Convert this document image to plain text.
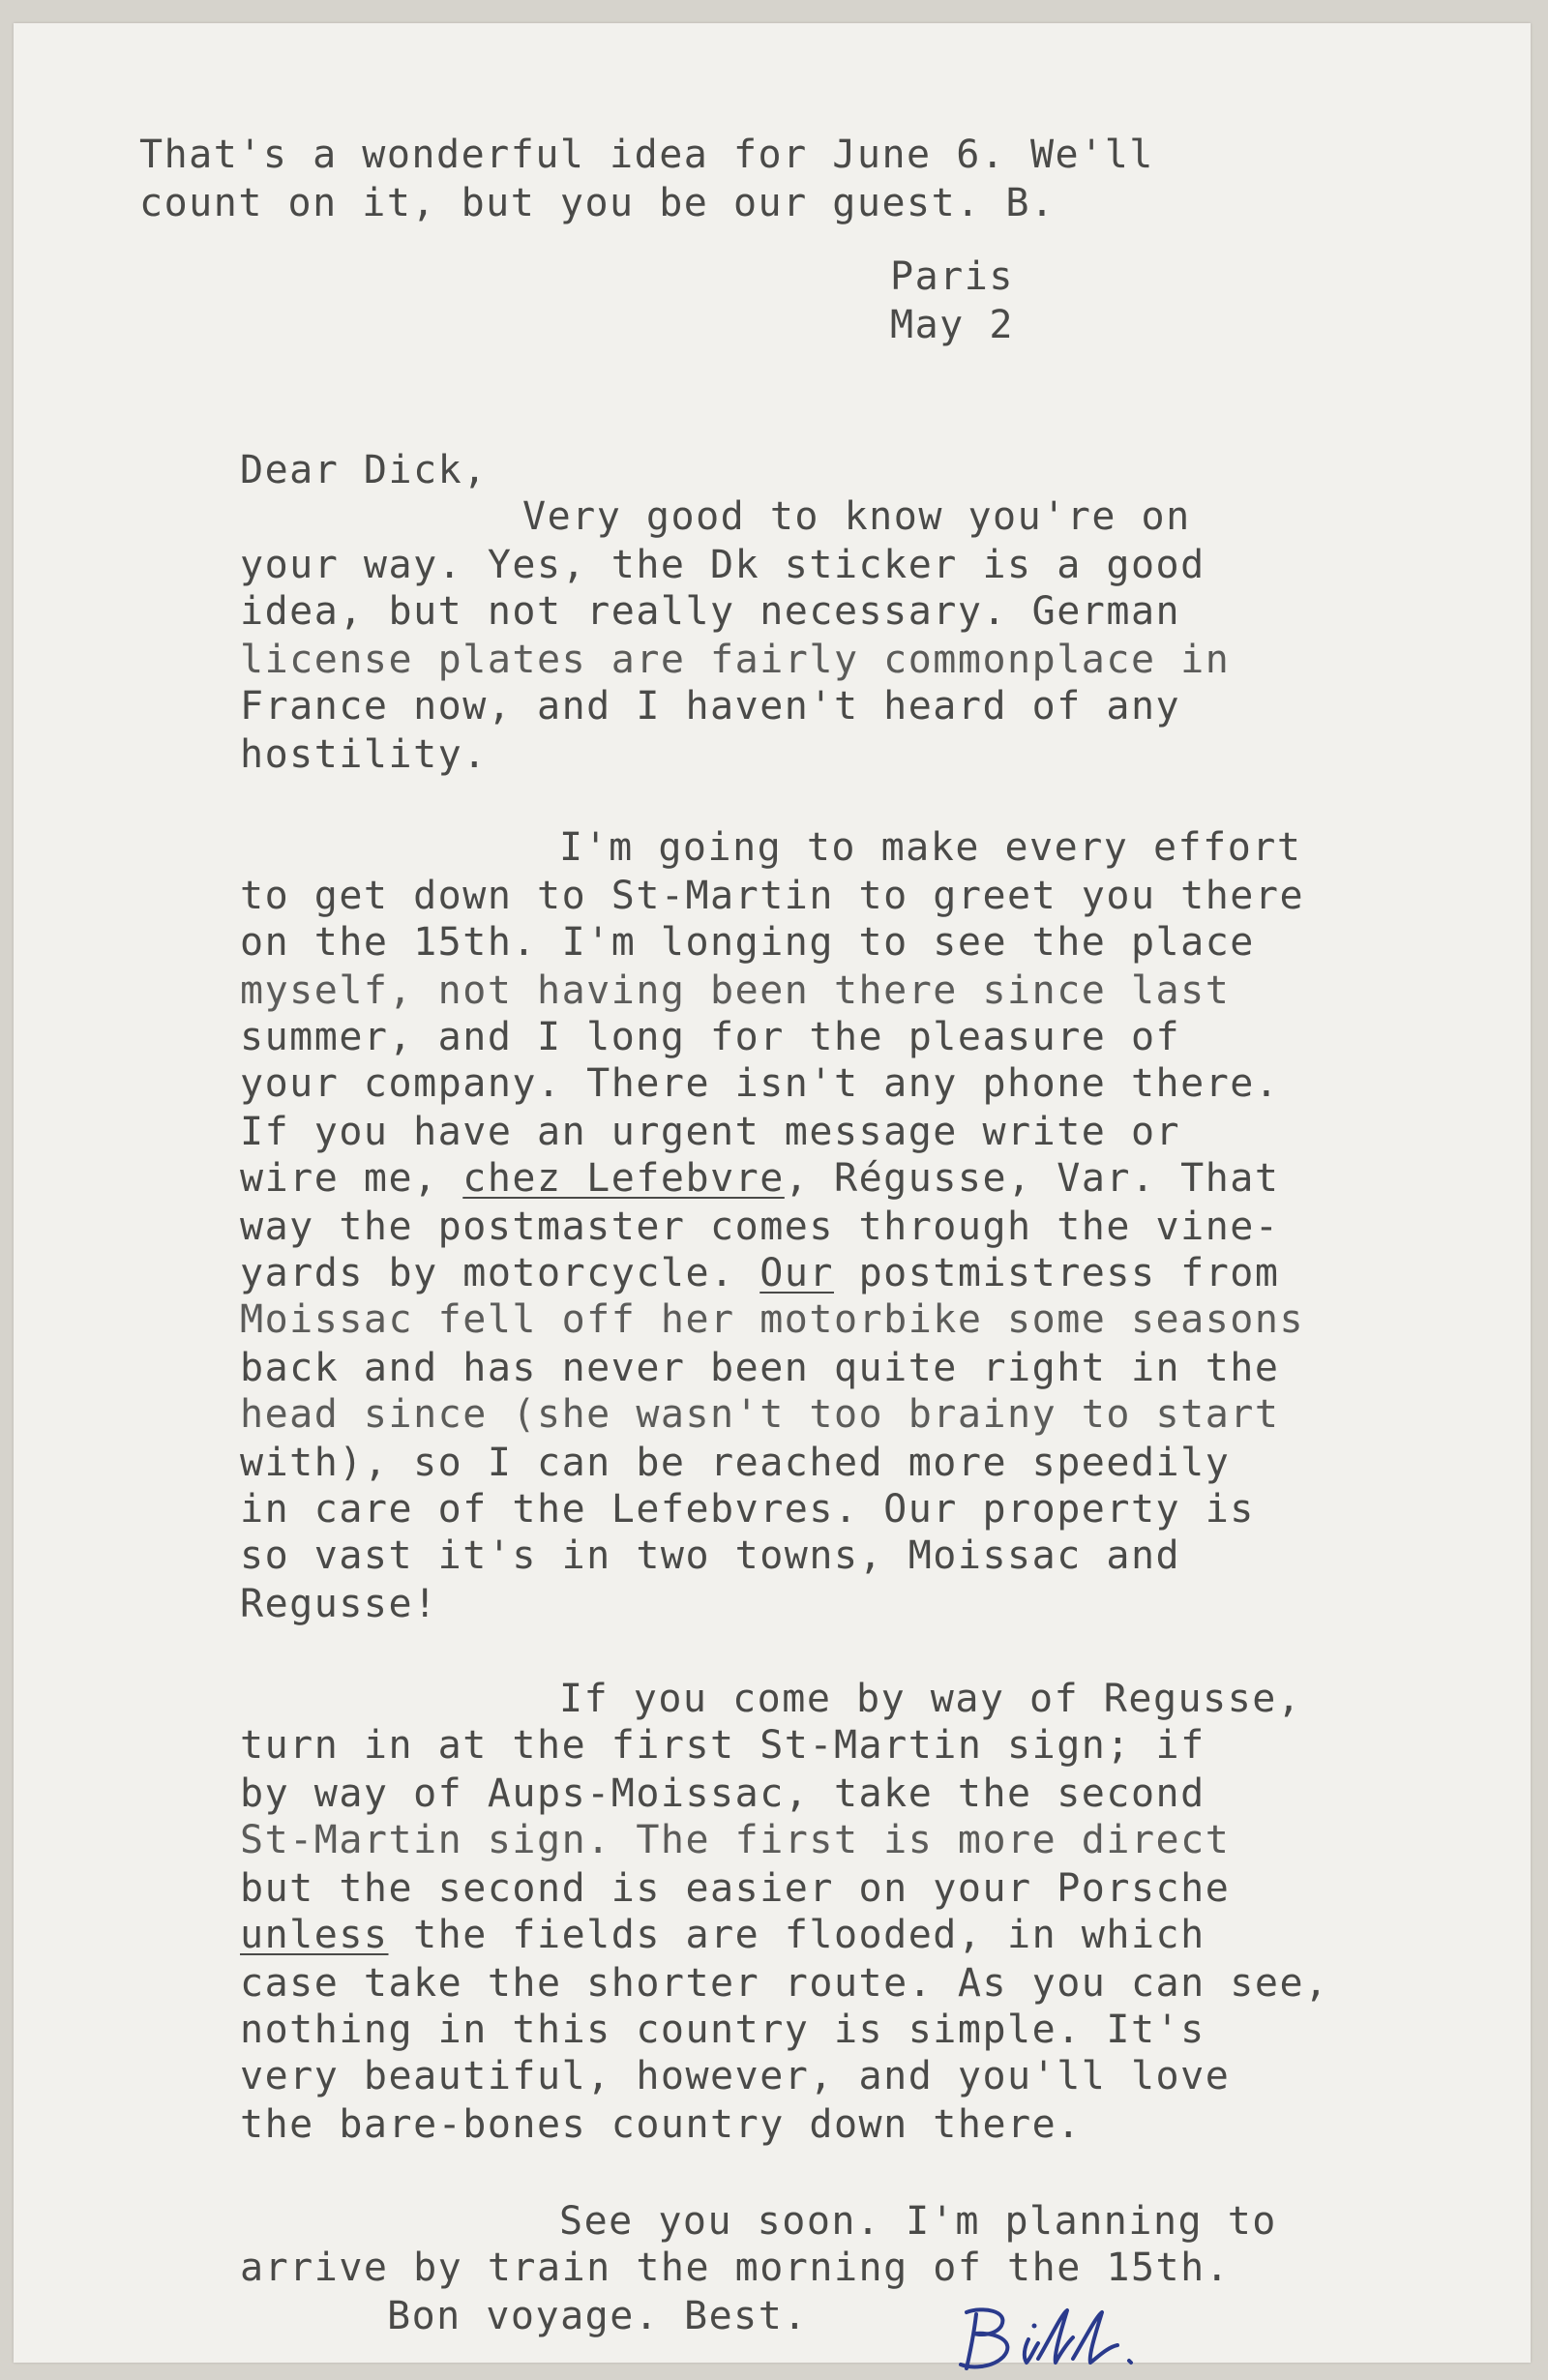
That's a wonderful idea for June 6. We'll

count on it, but you be our guest. B.

Paris

May 2

Dear Dick,

Very good to know you're on

your way. Yes, the Dk sticker is a good

idea, but not really necessary. German

license plates are fairly commonplace in

France now, and I haven't heard of any

hostility.

I'm going to make every effort

to get down to St-Martin to greet you there

on the 15th. I'm longing to see the place

myself, not having been there since last

summer, and I long for the pleasure of

your company. There isn't any phone there.

If you have an urgent message write or

wire me, chez Lefebvre, Régusse, Var. That

way the postmaster comes through the vine-

yards by motorcycle. Our postmistress from

Moissac fell off her motorbike some seasons

back and has never been quite right in the

head since (she wasn't too brainy to start

with), so I can be reached more speedily

in care of the Lefebvres. Our property is

so vast it's in two towns, Moissac and

Regusse!

If you come by way of Regusse,

turn in at the first St-Martin sign; if

by way of Aups-Moissac, take the second

St-Martin sign. The first is more direct

but the second is easier on your Porsche

unless the fields are flooded, in which

case take the shorter route. As you can see,

nothing in this country is simple. It's

very beautiful, however, and you'll love

the bare-bones country down there.

See you soon. I'm planning to

arrive by train the morning of the 15th.

Bon voyage. Best.
